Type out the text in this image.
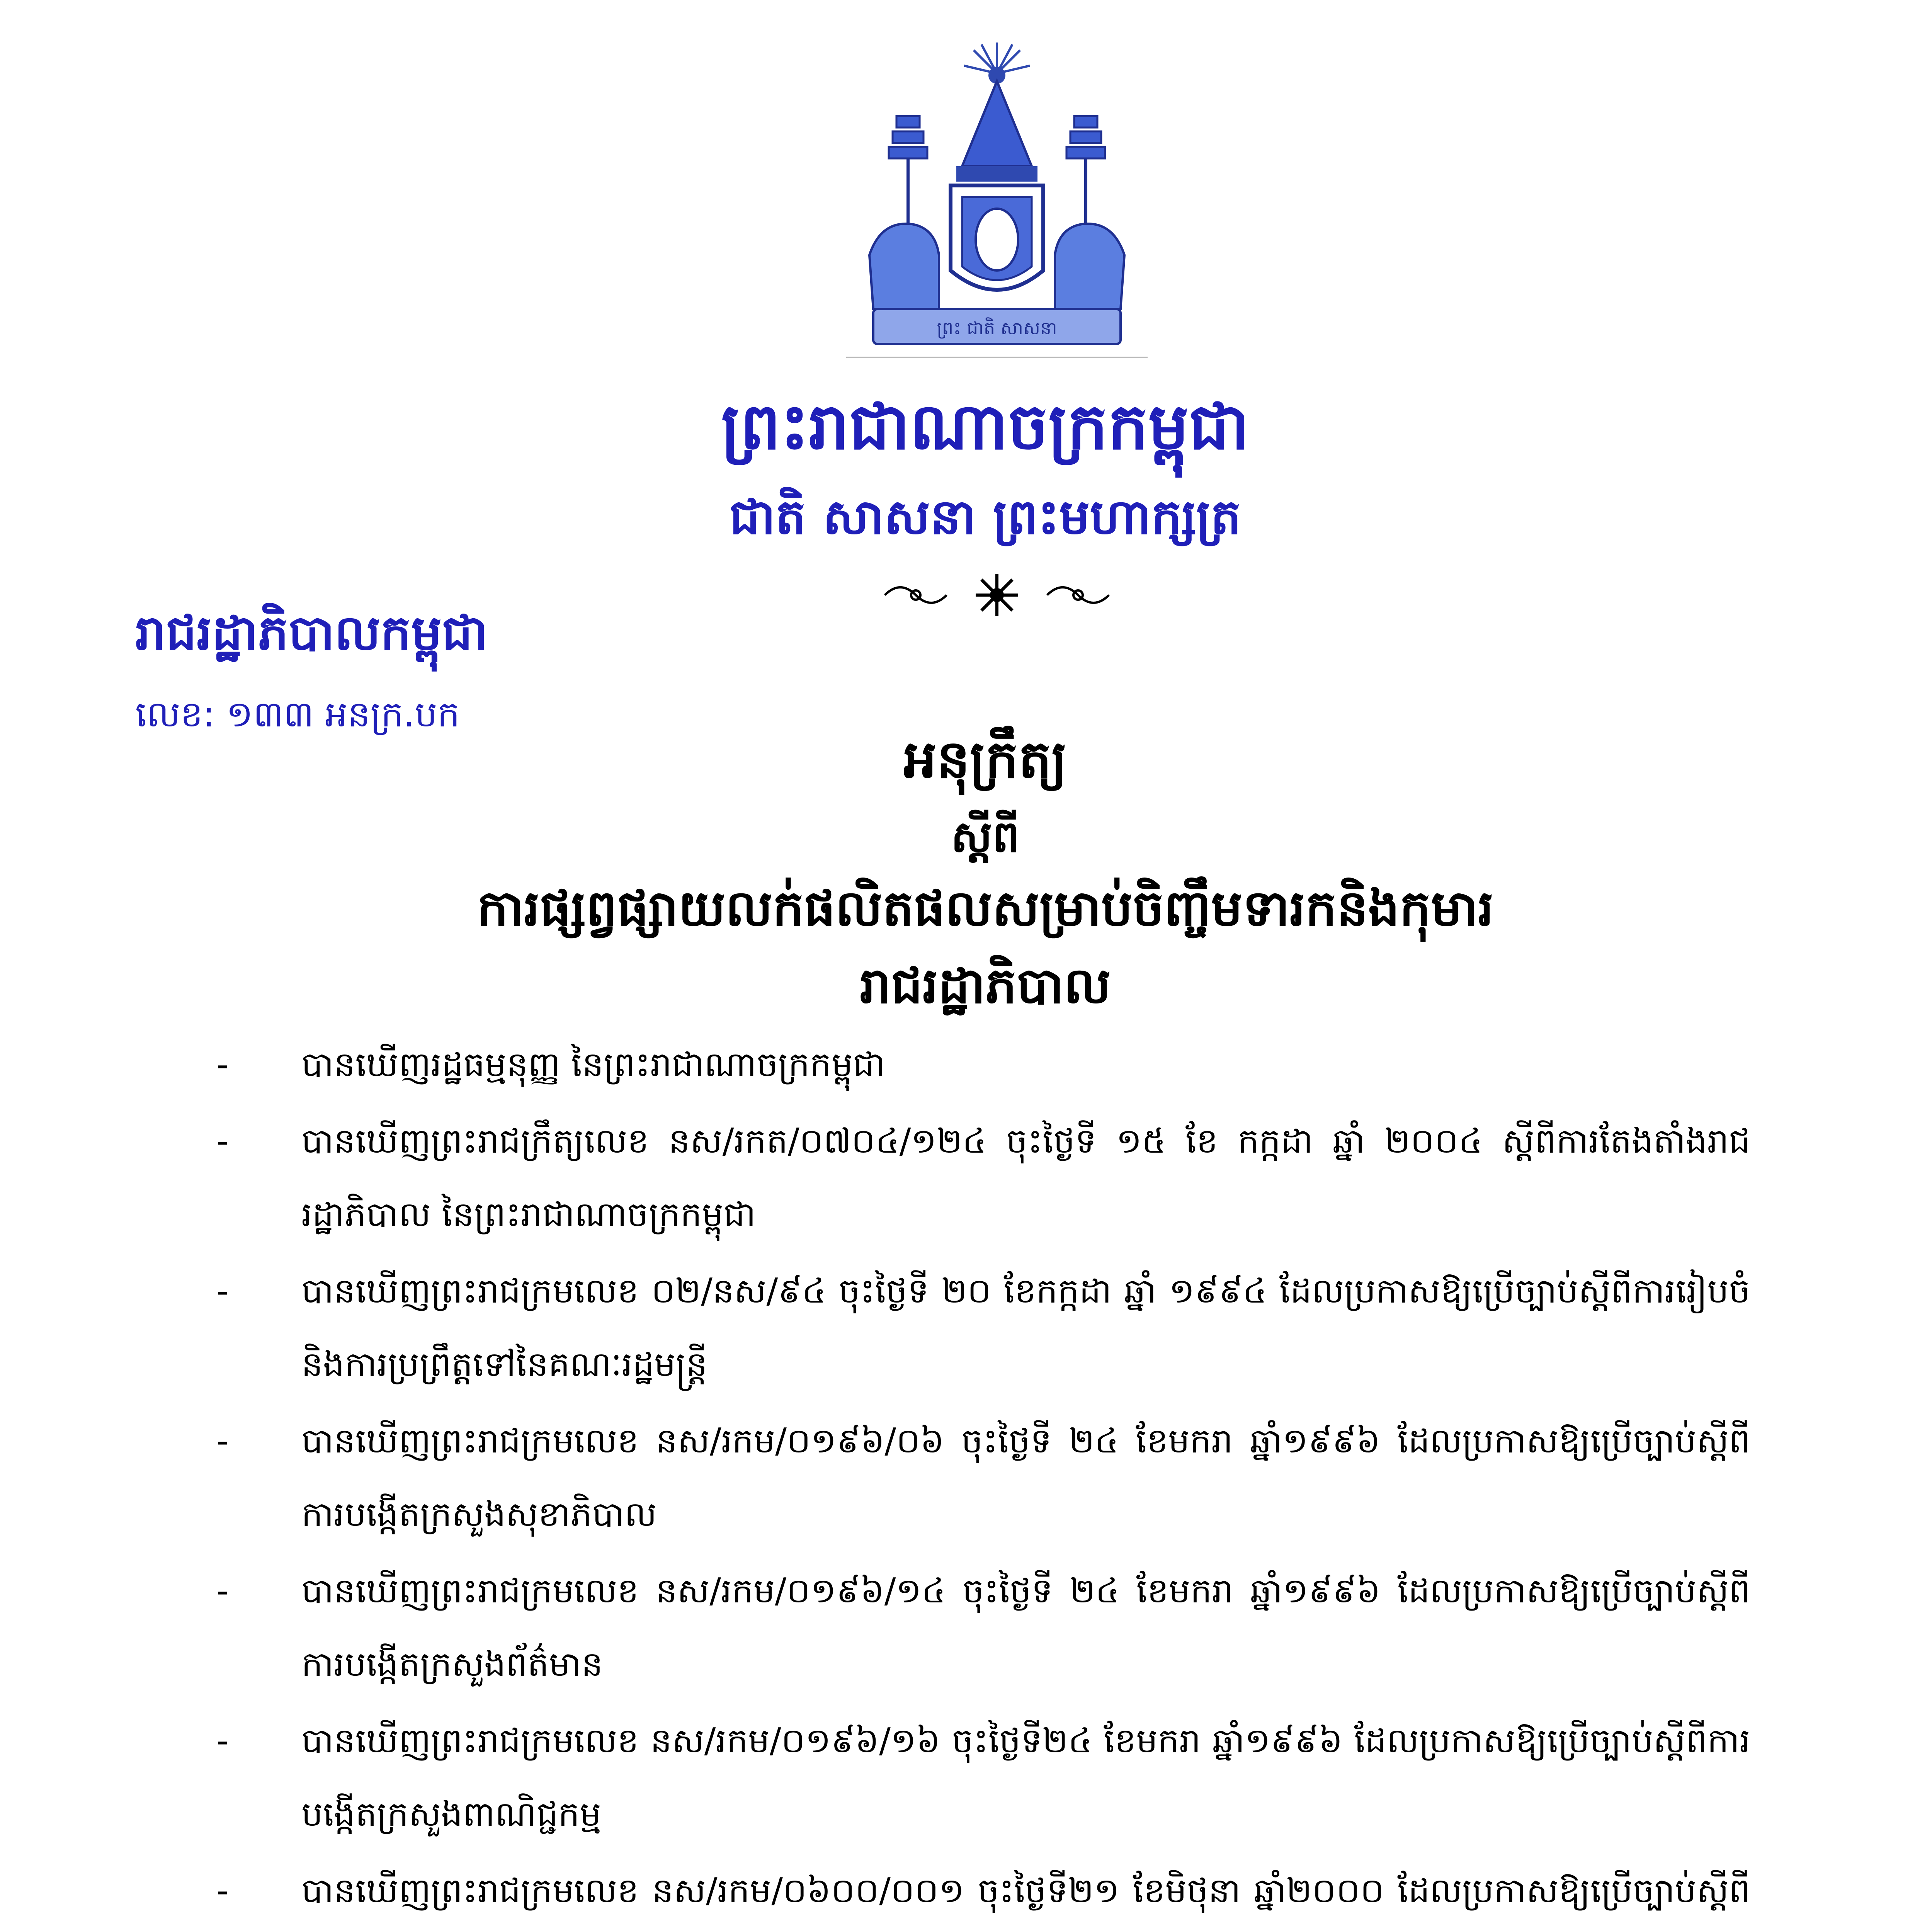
ព្រះ ជាតិ សាសនា
ព្រះរាជាណាចក្រកម្ពុជា
ជាតិ សាសនា ព្រះមហាក្សត្រ
រាជរដ្ឋាភិបាលកម្ពុជា
លេខ: ១៣៣ អនក្រ.បក
អនុក្រឹត្យ
ស្តីពី
ការផ្សព្វផ្សាយលក់ផលិតផលសម្រាប់ចិញ្ចឹមទារកនិងកុមារ
រាជរដ្ឋាភិបាល
- បានឃើញរដ្ឋធម្មនុញ្ញ នៃព្រះរាជាណាចក្រកម្ពុជា
- បានឃើញព្រះរាជក្រឹត្យលេខ នស/រកត/០៧០៤/១២៤ ចុះថ្ងៃទី ១៥ ខែ កក្កដា ឆ្នាំ ២០០៤ ស្តីពីការតែងតាំងរាជរដ្ឋាភិបាល នៃព្រះរាជាណាចក្រកម្ពុជា
- បានឃើញព្រះរាជក្រមលេខ ០២/នស/៩៤ ចុះថ្ងៃទី ២០ ខែកក្កដា ឆ្នាំ ១៩៩៤ ដែលប្រកាសឱ្យប្រើច្បាប់ស្តីពីការរៀបចំ និងការប្រព្រឹត្តទៅនៃគណៈរដ្ឋមន្ត្រី
- បានឃើញព្រះរាជក្រមលេខ នស/រកម/០១៩៦/០៦ ចុះថ្ងៃទី ២៤ ខែមករា ឆ្នាំ១៩៩៦ ដែលប្រកាសឱ្យប្រើច្បាប់ស្តីពីការបង្កើតក្រសួងសុខាភិបាល
- បានឃើញព្រះរាជក្រមលេខ នស/រកម/០១៩៦/១៤ ចុះថ្ងៃទី ២៤ ខែមករា ឆ្នាំ១៩៩៦ ដែលប្រកាសឱ្យប្រើច្បាប់ស្តីពីការបង្កើតក្រសួងព័ត៌មាន
- បានឃើញព្រះរាជក្រមលេខ នស/រកម/០១៩៦/១៦ ចុះថ្ងៃទី២៤ ខែមករា ឆ្នាំ១៩៩៦ ដែលប្រកាសឱ្យប្រើច្បាប់ស្តីពីការបង្កើតក្រសួងពាណិជ្ជកម្ម
- បានឃើញព្រះរាជក្រមលេខ នស/រកម/០៦០០/០០១ ចុះថ្ងៃទី២១ ខែមិថុនា ឆ្នាំ២០០០ ដែលប្រកាសឱ្យប្រើច្បាប់ស្តីពី
